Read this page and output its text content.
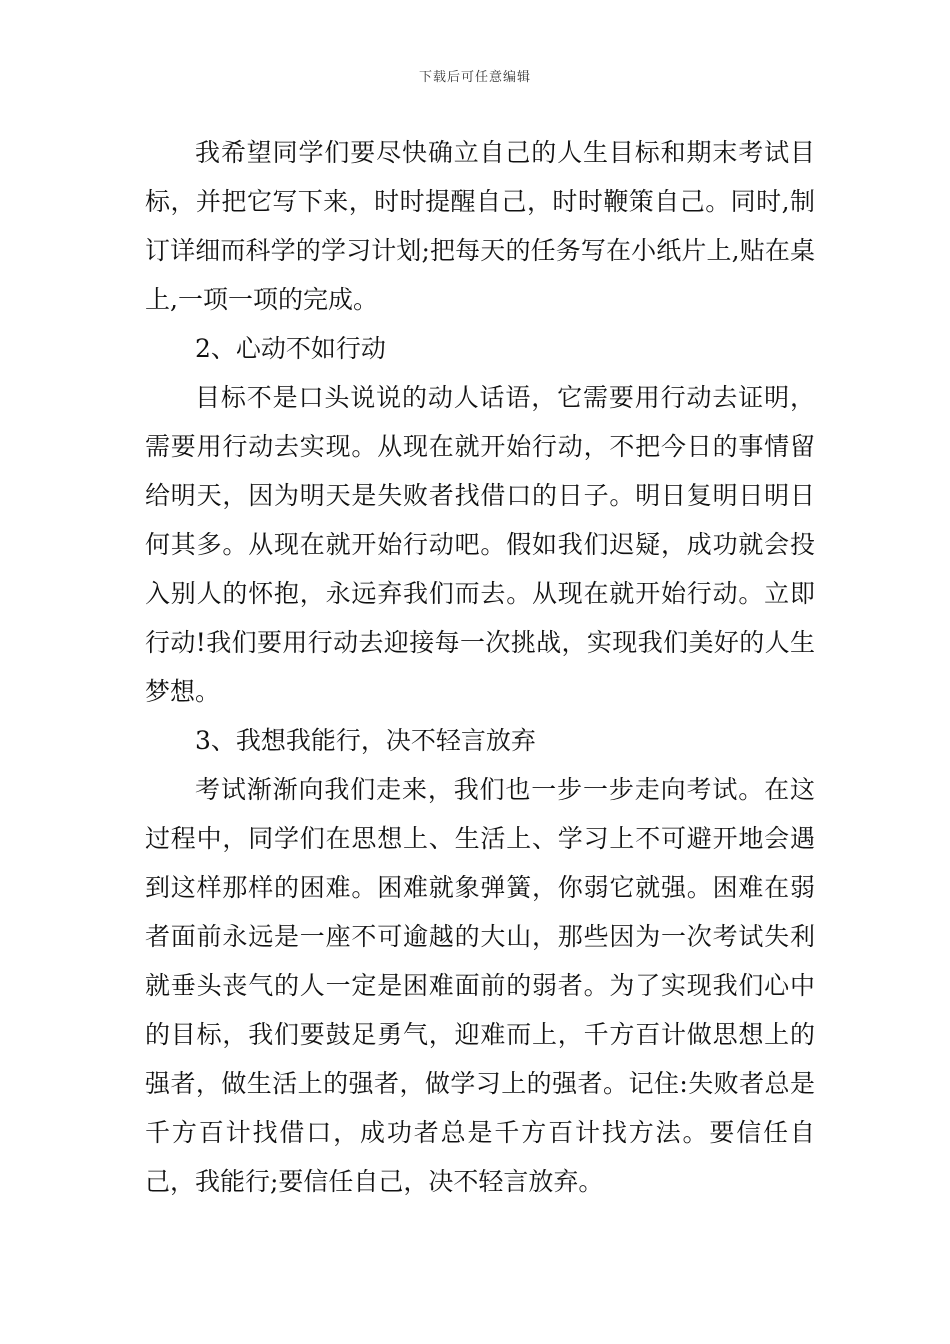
下载后可任意编辑

我希望同学们要尽快确立自己的人生目标和期末考试目标，并把它写下来，时时提醒自己，时时鞭策自己。同时,制订详细而科学的学习计划;把每天的任务写在小纸片上,贴在桌上,一项一项的完成。

2、心动不如行动

目标不是口头说说的动人话语，它需要用行动去证明，需要用行动去实现。从现在就开始行动，不把今日的事情留给明天，因为明天是失败者找借口的日子。明日复明日明日何其多。从现在就开始行动吧。假如我们迟疑，成功就会投入别人的怀抱，永远弃我们而去。从现在就开始行动。立即行动!我们要用行动去迎接每一次挑战，实现我们美好的人生梦想。

3、我想我能行，决不轻言放弃

考试渐渐向我们走来，我们也一步一步走向考试。在这过程中，同学们在思想上、生活上、学习上不可避开地会遇到这样那样的困难。困难就象弹簧，你弱它就强。困难在弱者面前永远是一座不可逾越的大山，那些因为一次考试失利就垂头丧气的人一定是困难面前的弱者。为了实现我们心中的目标，我们要鼓足勇气，迎难而上，千方百计做思想上的强者，做生活上的强者，做学习上的强者。记住:失败者总是千方百计找借口，成功者总是千方百计找方法。要信任自己，我能行;要信任自己，决不轻言放弃。
